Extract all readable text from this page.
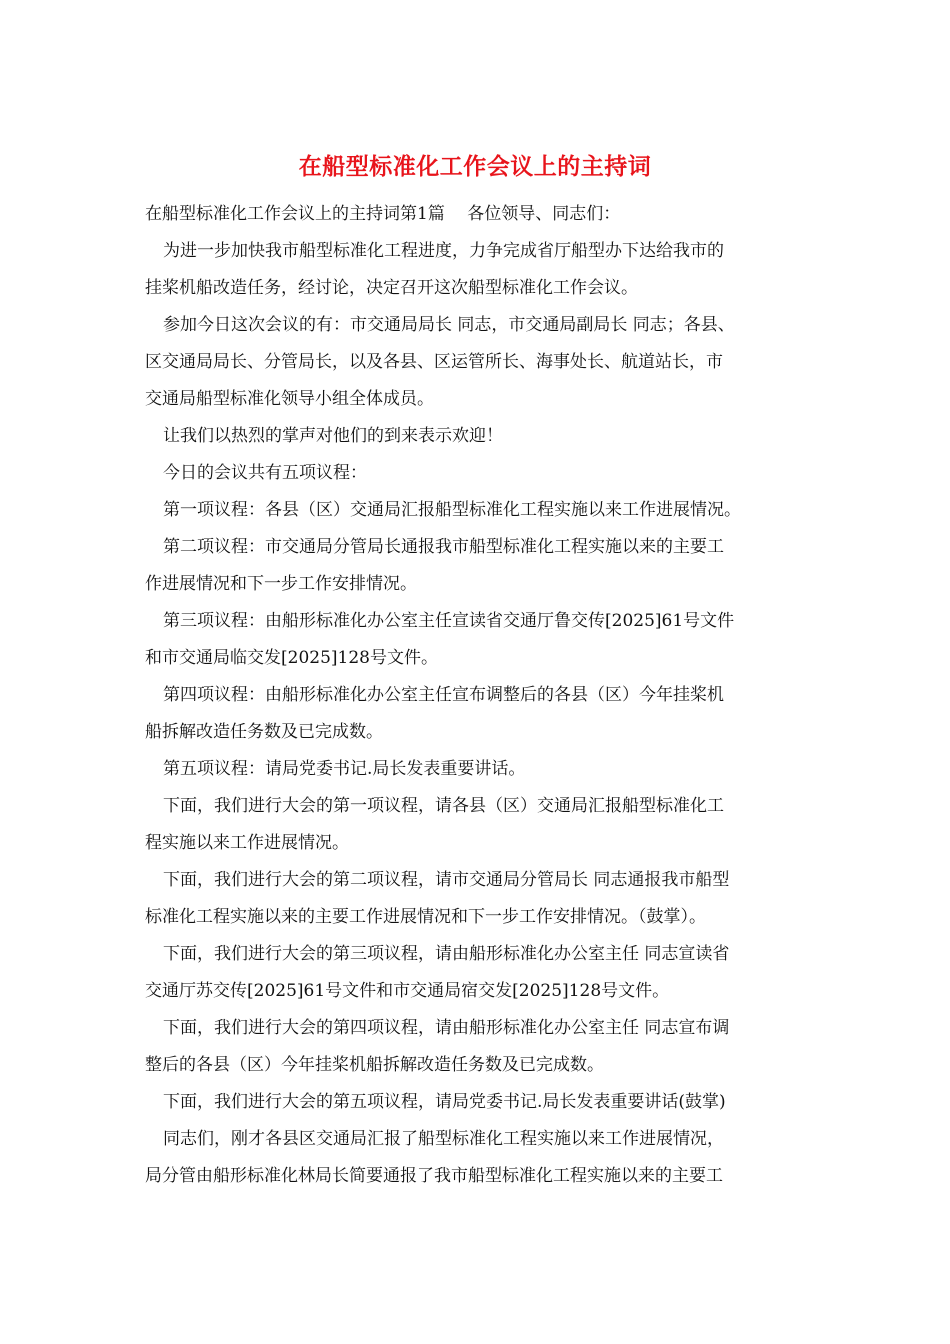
在船型标准化工作会议上的主持词
在船型标准化工作会议上的主持词第1篇　 各位领导、同志们：
为进一步加快我市船型标准化工程进度，力争完成省厅船型办下达给我市的
挂桨机船改造任务，经讨论，决定召开这次船型标准化工作会议。
参加今日这次会议的有：市交通局局长 同志，市交通局副局长 同志；各县、
区交通局局长、分管局长，以及各县、区运管所长、海事处长、航道站长，市
交通局船型标准化领导小组全体成员。
让我们以热烈的掌声对他们的到来表示欢迎！
今日的会议共有五项议程：
第一项议程：各县（区）交通局汇报船型标准化工程实施以来工作进展情况。
第二项议程：市交通局分管局长通报我市船型标准化工程实施以来的主要工
作进展情况和下一步工作安排情况。
第三项议程：由船形标准化办公室主任宣读省交通厅鲁交传[2025]61号文件
和市交通局临交发[2025]128号文件。
第四项议程：由船形标准化办公室主任宣布调整后的各县（区）今年挂桨机
船拆解改造任务数及已完成数。
第五项议程：请局党委书记.局长发表重要讲话。
下面，我们进行大会的第一项议程，请各县（区）交通局汇报船型标准化工
程实施以来工作进展情况。
下面，我们进行大会的第二项议程，请市交通局分管局长 同志通报我市船型
标准化工程实施以来的主要工作进展情况和下一步工作安排情况。（鼓掌）。
下面，我们进行大会的第三项议程，请由船形标准化办公室主任 同志宣读省
交通厅苏交传[2025]61号文件和市交通局宿交发[2025]128号文件。
下面，我们进行大会的第四项议程，请由船形标准化办公室主任 同志宣布调
整后的各县（区）今年挂桨机船拆解改造任务数及已完成数。
下面，我们进行大会的第五项议程，请局党委书记.局长发表重要讲话(鼓掌)
同志们，刚才各县区交通局汇报了船型标准化工程实施以来工作进展情况，
局分管由船形标准化林局长简要通报了我市船型标准化工程实施以来的主要工
